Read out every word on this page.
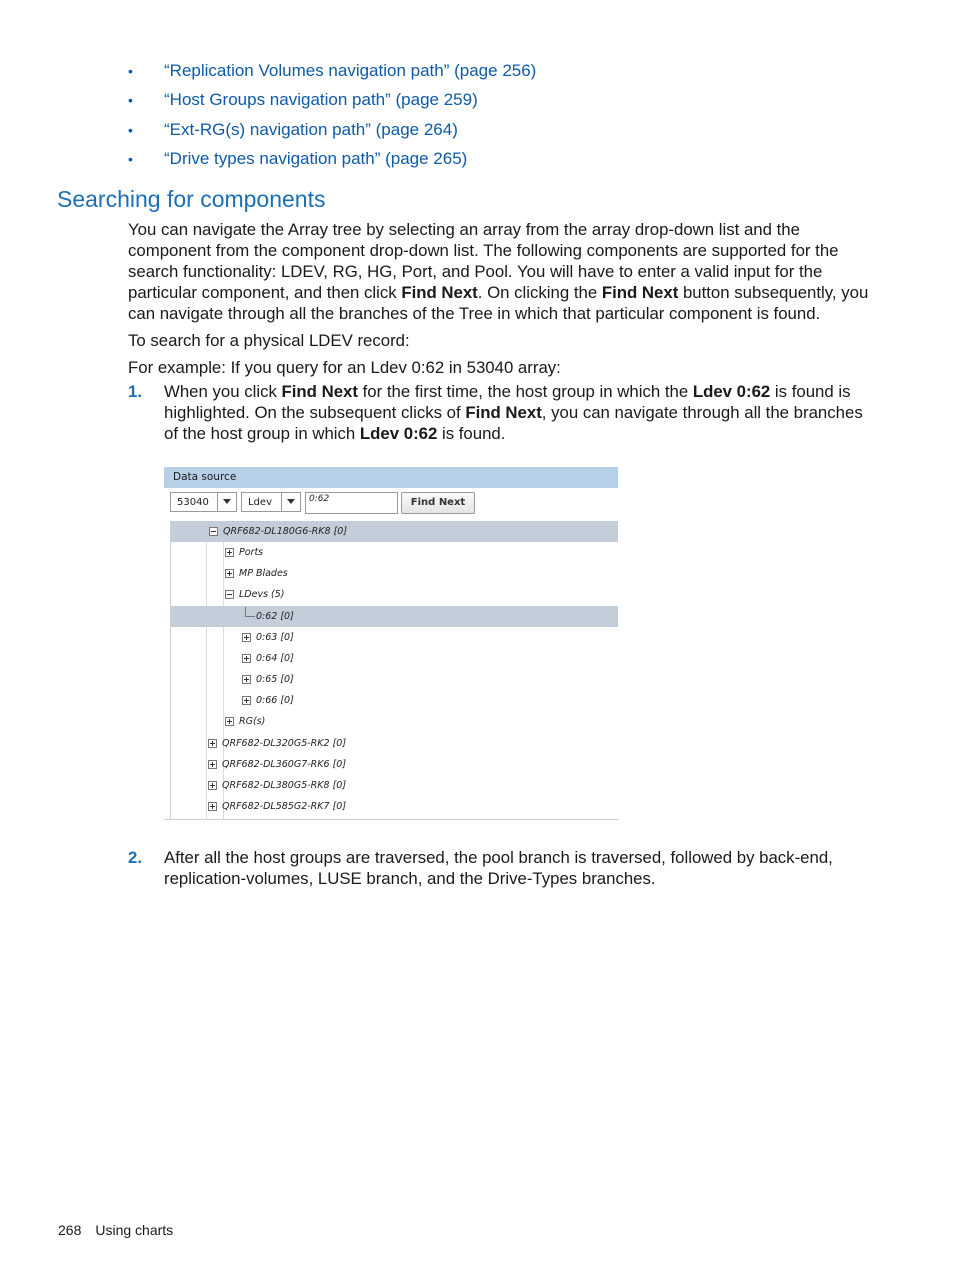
• “Replication Volumes navigation path” (page 256)
• “Host Groups navigation path” (page 259)
• “Ext-RG(s) navigation path” (page 264)
• “Drive types navigation path” (page 265)
Searching for components

You can navigate the Array tree by selecting an array from the array drop-down list and the component from the component drop-down list. The following components are supported for the search functionality: LDEV, RG, HG, Port, and Pool. You will have to enter a valid input for the particular component, and then click Find Next. On clicking the Find Next button subsequently, you can navigate through all the branches of the Tree in which that particular component is found.

To search for a physical LDEV record:

For example: If you query for an Ldev 0:62 in 53040 array:

1. When you click Find Next for the first time, the host group in which the Ldev 0:62 is found is highlighted. On the subsequent clicks of Find Next, you can navigate through all the branches of the host group in which Ldev 0:62 is found.
Data source
53040	Ldev	0:62	Find Next
QRF682-DL180G6-RK8 [0]
Ports
MP Blades
LDevs (5)
0:62 [0]
0:63 [0]
0:64 [0]
0:65 [0]
0:66 [0]
RG(s)
QRF682-DL320G5-RK2 [0]
QRF682-DL360G7-RK6 [0]
QRF682-DL380G5-RK8 [0]
QRF682-DL585G2-RK7 [0]
2. After all the host groups are traversed, the pool branch is traversed, followed by back-end, replication-volumes, LUSE branch, and the Drive-Types branches.
268 Using charts
